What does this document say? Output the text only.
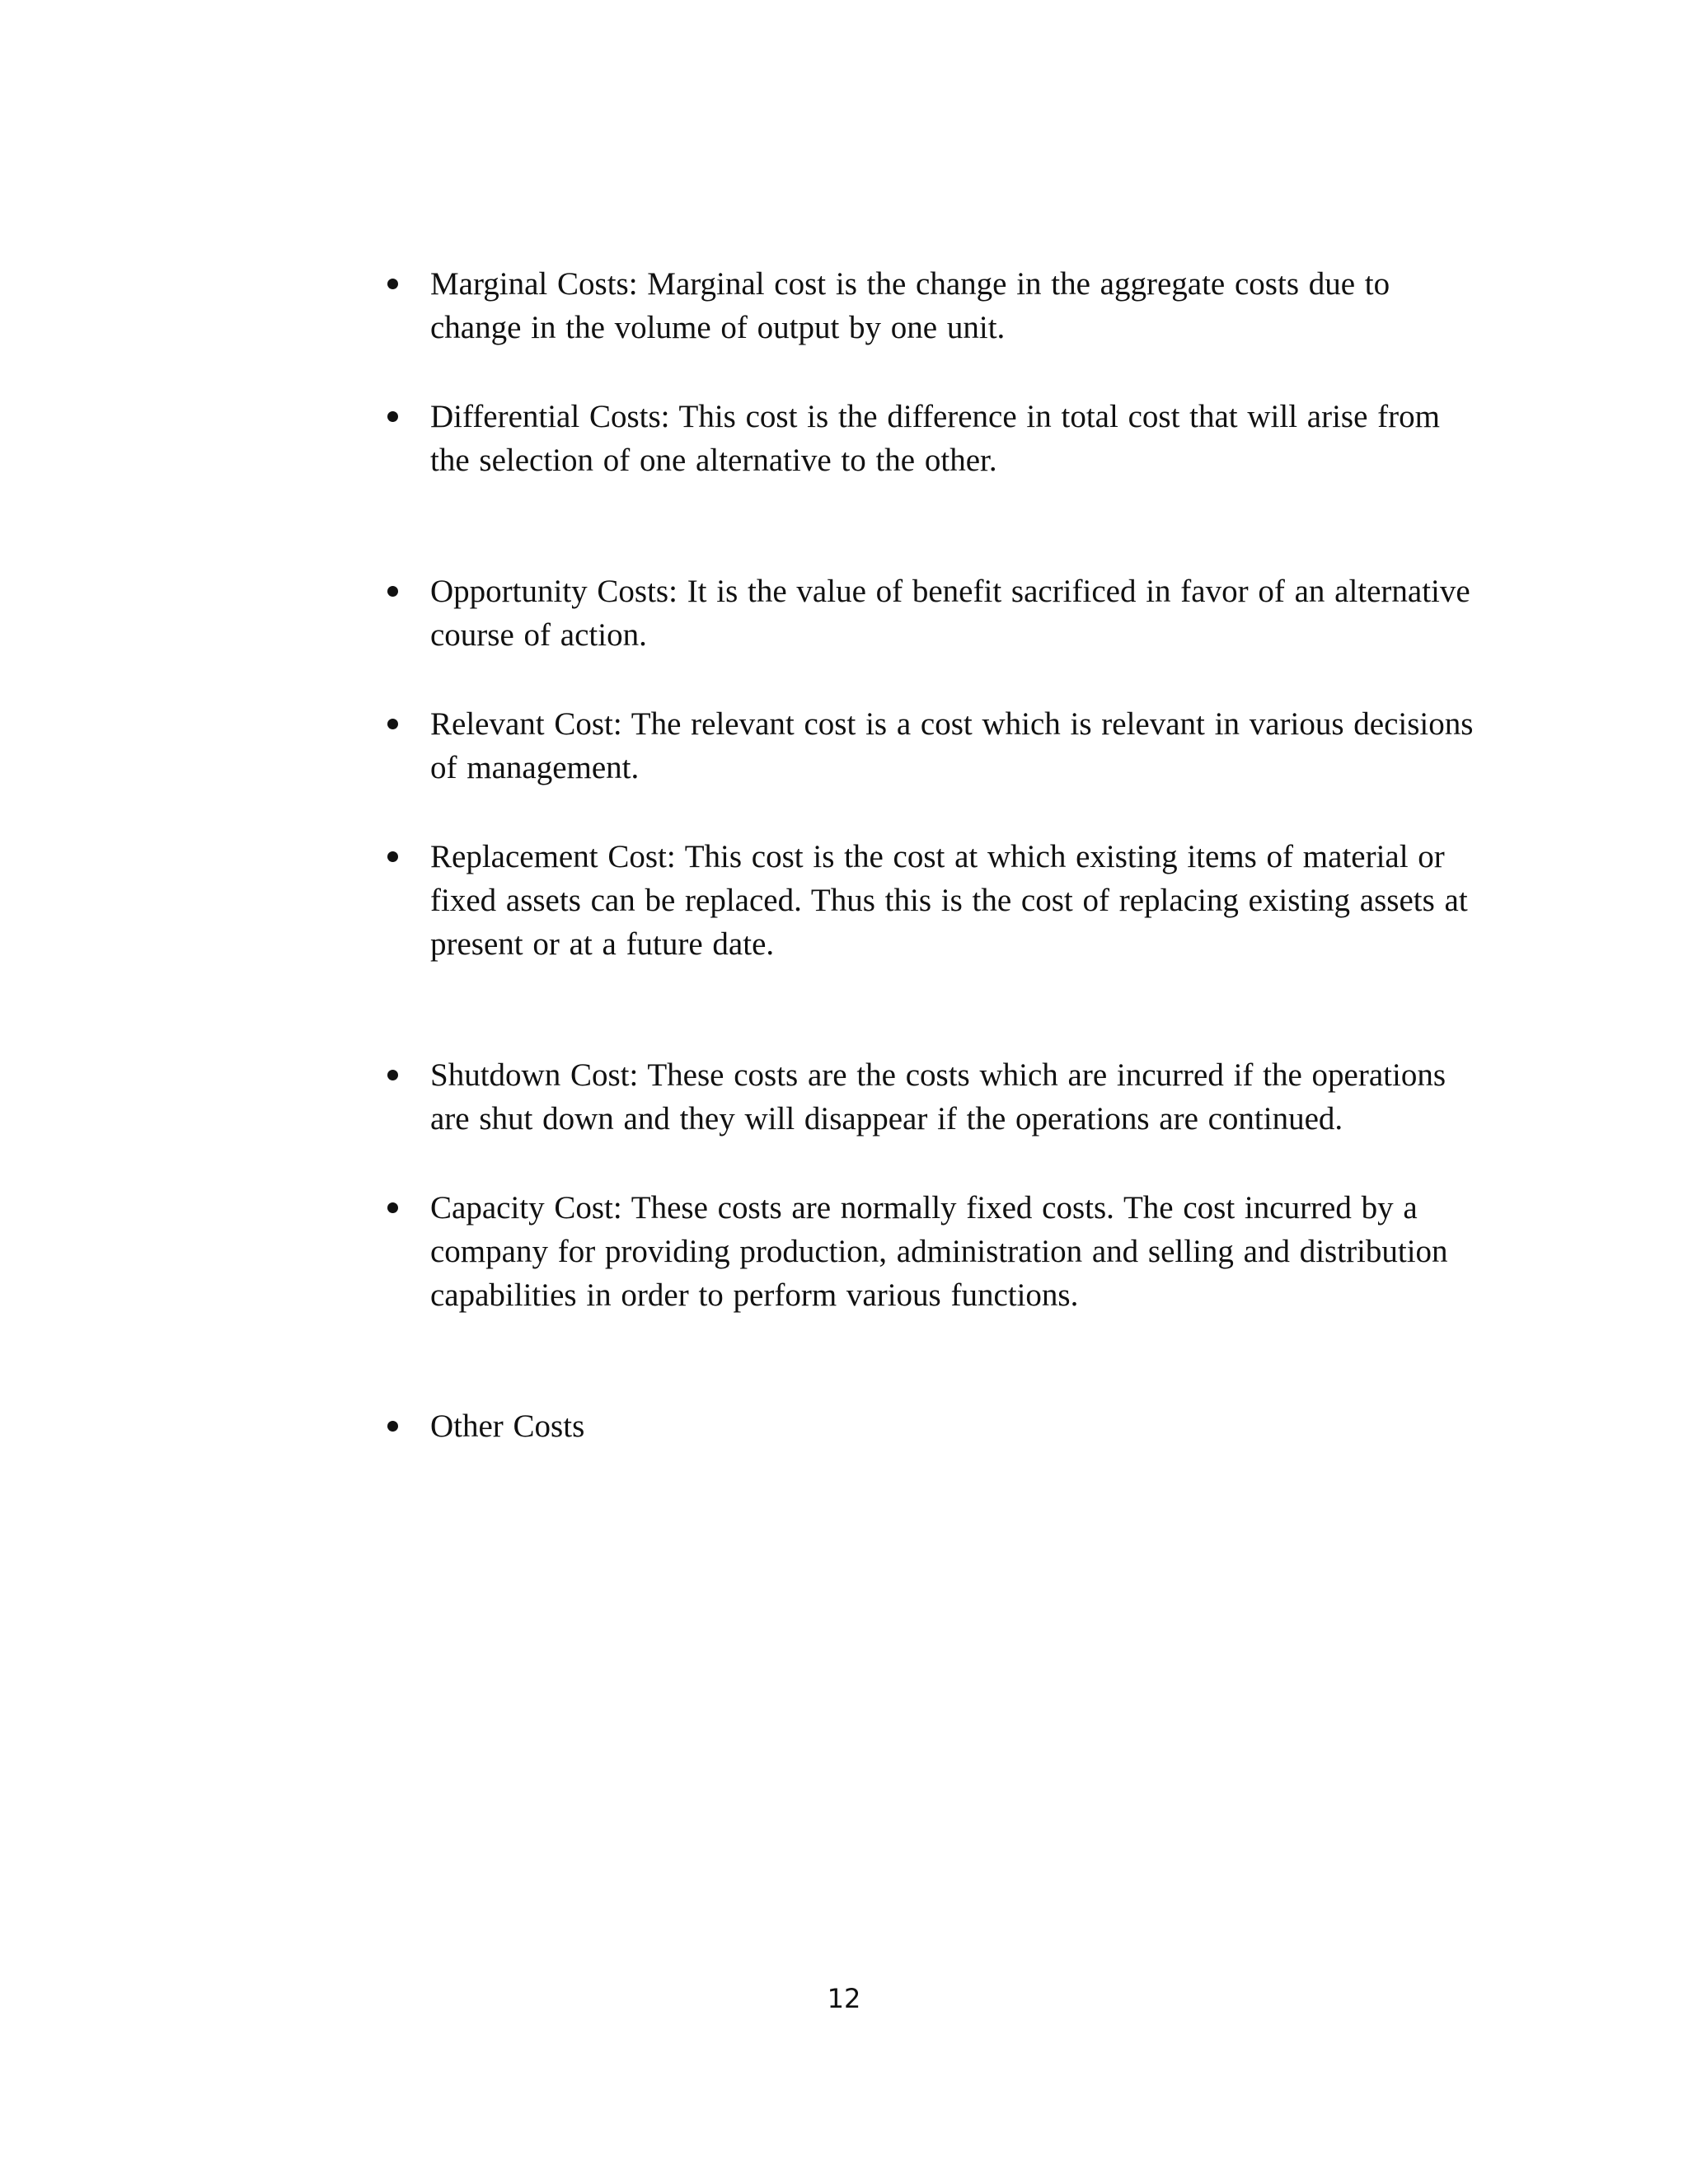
Marginal Costs: Marginal cost is the change in the aggregate costs due to change in the volume of output by one unit.
Differential Costs: This cost is the difference in total cost that will arise from the selection of one alternative to the other.
Opportunity Costs: It is the value of benefit sacrificed in favor of an alternative course of action.
Relevant Cost: The relevant cost is a cost which is relevant in various decisions of management.
Replacement Cost: This cost is the cost at which existing items of material or fixed assets can be replaced. Thus this is the cost of replacing existing assets at present or at a future date.
Shutdown Cost: These costs are the costs which are incurred if the operations are shut down and they will disappear if the operations are continued.
Capacity Cost: These costs are normally fixed costs. The cost incurred by a company for providing production, administration and selling and distribution capabilities in order to perform various functions.
Other Costs
12
